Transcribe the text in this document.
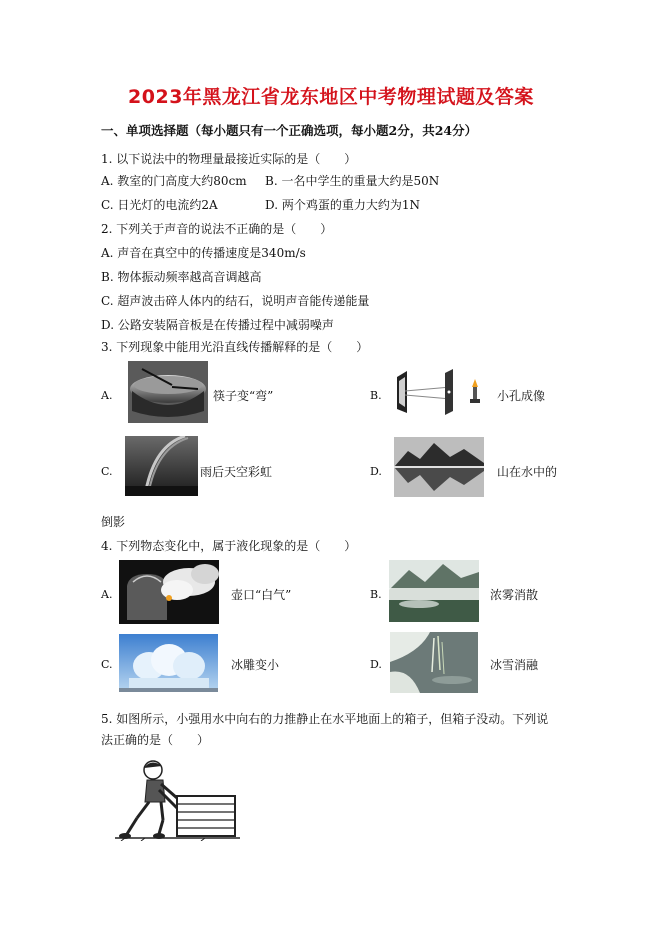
2023年黑龙江省龙东地区中考物理试题及答案
一、单项选择题（每小题只有一个正确选项，每小题2分，共24分）
1. 以下说法中的物理量最接近实际的是（　　）
A. 教室的门高度大约80cm B. 一名中学生的重量大约是50N
C. 日光灯的电流约2A	D. 两个鸡蛋的重力大约为1N
2. 下列关于声音的说法不正确的是（　　）
A. 声音在真空中的传播速度是340m/s
B. 物体振动频率越高音调越高
C. 超声波击碎人体内的结石，说明声音能传递能量
D. 公路安装隔音板是在传播过程中减弱噪声
3. 下列现象中能用光沿直线传播解释的是（　　）
A.	筷子变“弯”	B.	小孔成像
C.	雨后天空彩虹	D.	山在水中的
倒影
4. 下列物态变化中，属于液化现象的是（　　）
A.	壶口“白气”	B.	浓雾消散
C.	冰雕变小	D.	冰雪消融
5. 如图所示，小强用水中向右的力推静止在水平地面上的箱子，但箱子没动。下列说
法正确的是（　　）
